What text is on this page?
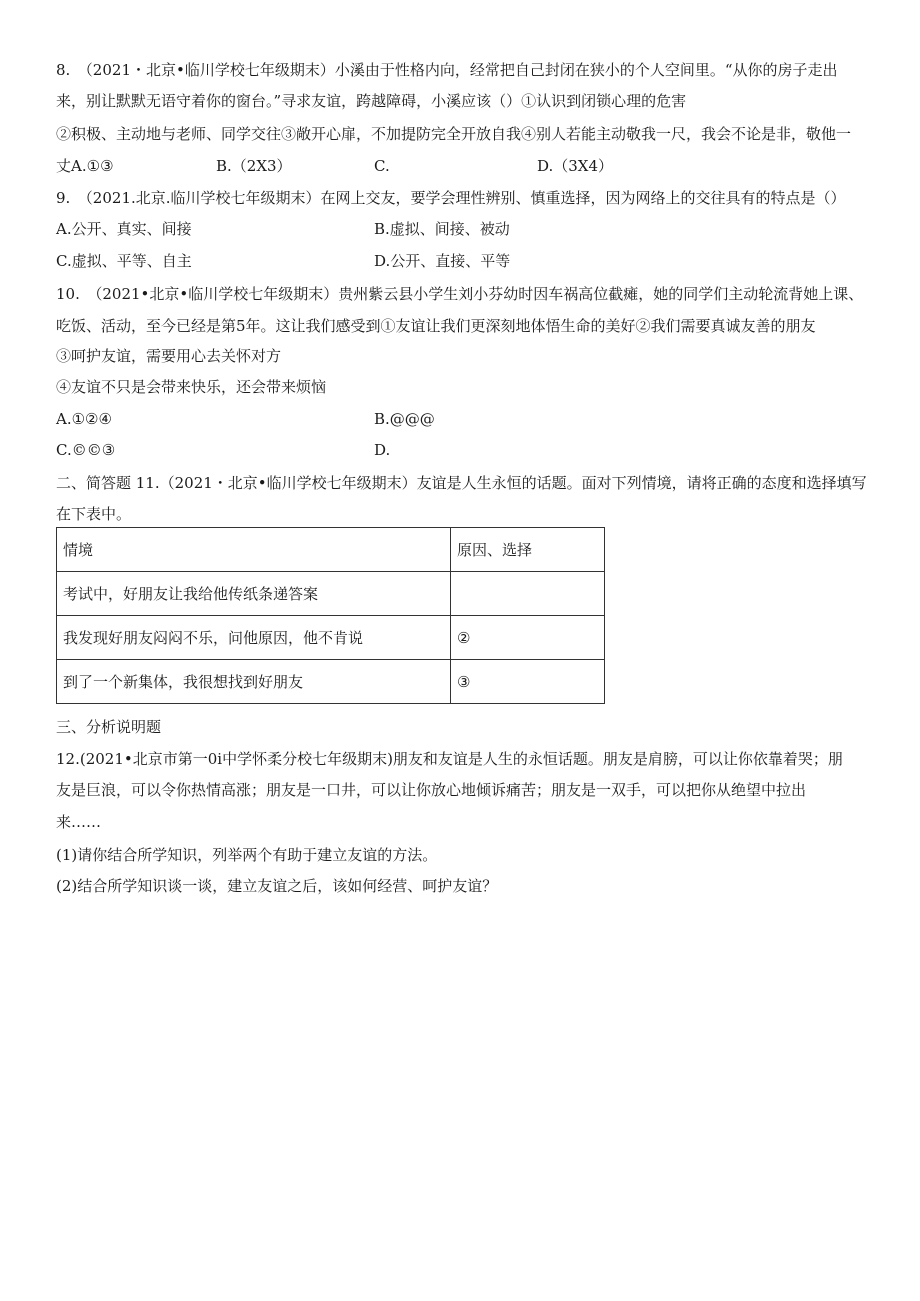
8.　（2021・北京•临川学校七年级期末）小溪由于性格内向，经常把自己封闭在狭小的个人空间里。“从你的房子走出
来，别让默默无语守着你的窗台。”寻求友谊，跨越障碍，小溪应该（）①认识到闭锁心理的危害
②积极、主动地与老师、同学交往③敞开心扉，不加提防完全开放自我④别人若能主动敬我一尺，我会不论是非，敬他一
丈A.①③	B.（2X3）	C.	D.（3X4）
9.　（2021.北京.临川学校七年级期末）在网上交友，要学会理性辨别、慎重选择，因为网络上的交往具有的特点是（）
A.公开、真实、间接	B.虚拟、间接、被动
C.虚拟、平等、自主	D.公开、直接、平等
10.　（2021•北京•临川学校七年级期末）贵州紫云县小学生刘小芬幼时因车祸高位截瘫，她的同学们主动轮流背她上课、
吃饭、活动，至今已经是第5年。这让我们感受到①友谊让我们更深刻地体悟生命的美好②我们需要真诚友善的朋友
③呵护友谊，需要用心去关怀对方
④友谊不只是会带来快乐，还会带来烦恼
A.①②④	B.@@@
C.©©③	D.
二、简答题 11.（2021・北京•临川学校七年级期末）友谊是人生永恒的话题。面对下列情境，请将正确的态度和选择填写
在下表中。
情境	原因、选择
考试中，好朋友让我给他传纸条递答案	
我发现好朋友闷闷不乐，问他原因，他不肯说	②
到了一个新集体，我很想找到好朋友	③
三、分析说明题
12.(2021•北京市第一0i中学怀柔分校七年级期末)朋友和友谊是人生的永恒话题。朋友是肩膀，可以让你依靠着哭；朋
友是巨浪，可以令你热情高涨；朋友是一口井，可以让你放心地倾诉痛苦；朋友是一双手，可以把你从绝望中拉出
来……
(1)请你结合所学知识，列举两个有助于建立友谊的方法。
(2)结合所学知识谈一谈，建立友谊之后，该如何经营、呵护友谊？
